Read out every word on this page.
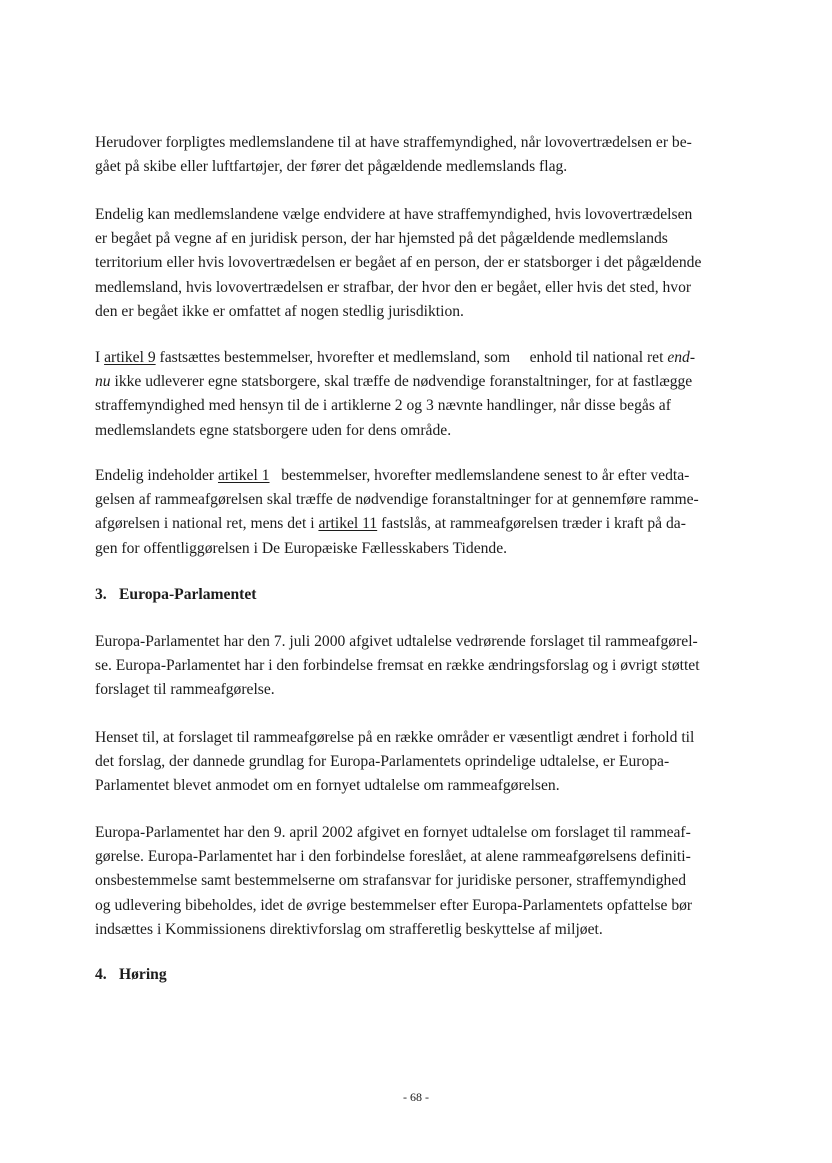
Herudover forpligtes medlemslandene til at have straffemyndighed, når lovovertrædelsen er be-
gået på skibe eller luftfartøjer, der fører det pågældende medlemslands flag.
Endelig kan medlemslandene vælge endvidere at have straffemyndighed, hvis lovovertrædelsen
er begået på vegne af en juridisk person, der har hjemsted på det pågældende medlemslands
territorium eller hvis lovovertrædelsen er begået af en person, der er statsborger i det pågældende
medlemsland, hvis lovovertrædelsen er strafbar, der hvor den er begået, eller hvis det sted, hvor
den er begået ikke er omfattet af nogen stedlig jurisdiktion.
I artikel 9 fastsættes bestemmelser, hvorefter et medlemsland, som     enhold til national ret end-
nu ikke udleverer egne statsborgere, skal træffe de nødvendige foranstaltninger, for at fastlægge
straffemyndighed med hensyn til de i artiklerne 2 og 3 nævnte handlinger, når disse begås af
medlemslandets egne statsborgere uden for dens område.
Endelig indeholder artikel 1   bestemmelser, hvorefter medlemslandene senest to år efter vedta-
gelsen af rammeafgørelsen skal træffe de nødvendige foranstaltninger for at gennemføre ramme-
afgørelsen i national ret, mens det i artikel 11 fastslås, at rammeafgørelsen træder i kraft på da-
gen for offentliggørelsen i De Europæiske Fællesskabers Tidende.
3. Europa-Parlamentet
Europa-Parlamentet har den 7. juli 2000 afgivet udtalelse vedrørende forslaget til rammeafgørel-
se. Europa-Parlamentet har i den forbindelse fremsat en række ændringsforslag og i øvrigt støttet
forslaget til rammeafgørelse.
Henset til, at forslaget til rammeafgørelse på en række områder er væsentligt ændret i forhold til
det forslag, der dannede grundlag for Europa-Parlamentets oprindelige udtalelse, er Europa-
Parlamentet blevet anmodet om en fornyet udtalelse om rammeafgørelsen.
Europa-Parlamentet har den 9. april 2002 afgivet en fornyet udtalelse om forslaget til rammeaf-
gørelse. Europa-Parlamentet har i den forbindelse foreslået, at alene rammeafgørelsens definiti-
onsbestemmelse samt bestemmelserne om strafansvar for juridiske personer, straffemyndighed
og udlevering bibeholdes, idet de øvrige bestemmelser efter Europa-Parlamentets opfattelse bør
indsættes i Kommissionens direktivforslag om strafferetlig beskyttelse af miljøet.
4. Høring
- 68 -
